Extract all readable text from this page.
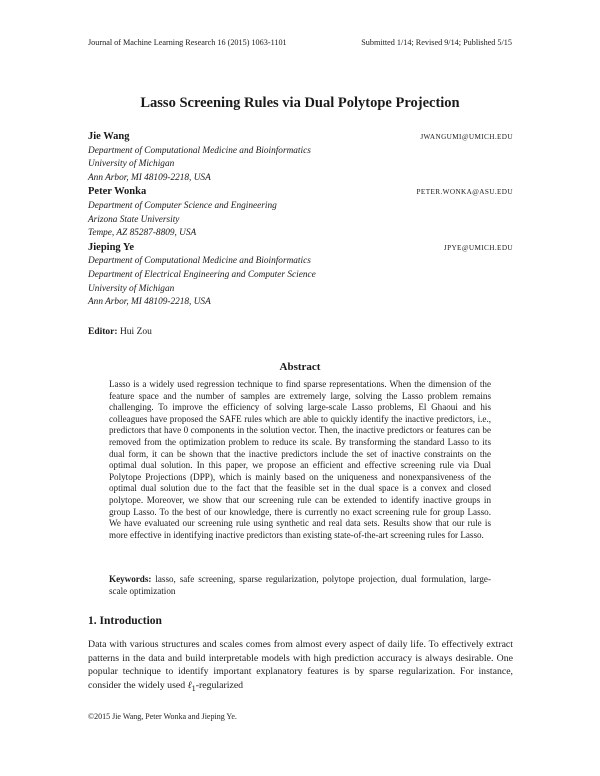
Journal of Machine Learning Research 16 (2015) 1063-1101	Submitted 1/14; Revised 9/14; Published 5/15
Lasso Screening Rules via Dual Polytope Projection
Jie Wang	JWANGUMI@UMICH.EDU
Department of Computational Medicine and Bioinformatics
University of Michigan
Ann Arbor, MI 48109-2218, USA
Peter Wonka	PETER.WONKA@ASU.EDU
Department of Computer Science and Engineering
Arizona State University
Tempe, AZ 85287-8809, USA
Jieping Ye	JPYE@UMICH.EDU
Department of Computational Medicine and Bioinformatics
Department of Electrical Engineering and Computer Science
University of Michigan
Ann Arbor, MI 48109-2218, USA
Editor: Hui Zou
Abstract
Lasso is a widely used regression technique to find sparse representations. When the dimension of the feature space and the number of samples are extremely large, solving the Lasso problem remains challenging. To improve the efficiency of solving large-scale Lasso problems, El Ghaoui and his colleagues have proposed the SAFE rules which are able to quickly identify the inactive predictors, i.e., predictors that have 0 components in the solution vector. Then, the inactive predictors or features can be removed from the optimization problem to reduce its scale. By transforming the standard Lasso to its dual form, it can be shown that the inactive predictors include the set of inactive constraints on the optimal dual solution. In this paper, we propose an efficient and effective screening rule via Dual Polytope Projections (DPP), which is mainly based on the uniqueness and nonexpansiveness of the optimal dual solution due to the fact that the feasible set in the dual space is a convex and closed polytope. Moreover, we show that our screening rule can be extended to identify inactive groups in group Lasso. To the best of our knowledge, there is currently no exact screening rule for group Lasso. We have evaluated our screening rule using synthetic and real data sets. Results show that our rule is more effective in identifying inactive predictors than existing state-of-the-art screening rules for Lasso.
Keywords: lasso, safe screening, sparse regularization, polytope projection, dual formulation, large-scale optimization
1. Introduction
Data with various structures and scales comes from almost every aspect of daily life. To effectively extract patterns in the data and build interpretable models with high prediction accuracy is always desirable. One popular technique to identify important explanatory features is by sparse regularization. For instance, consider the widely used ℓ$_1$-regularized
©2015 Jie Wang, Peter Wonka and Jieping Ye.
